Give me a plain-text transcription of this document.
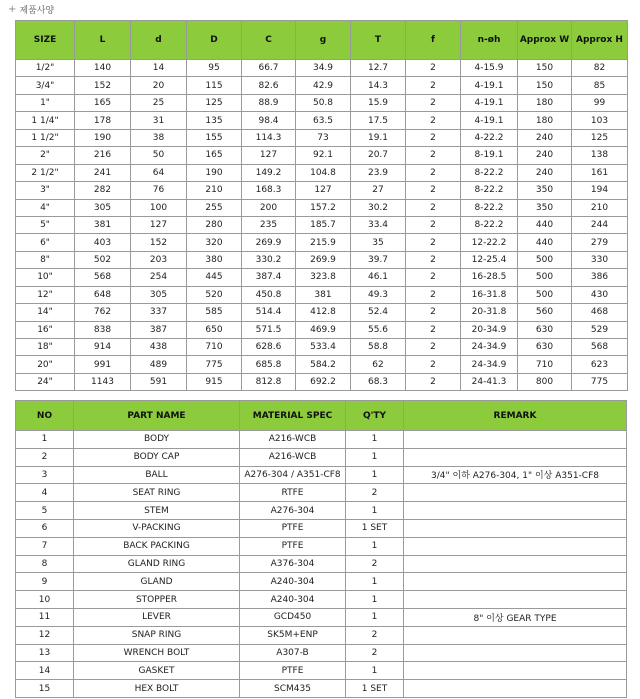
+ 제품사양
SIZE	L	d	D	C	g	T	f	n-øh	Approx W	Approx H
1/2"	140	14	95	66.7	34.9	12.7	2	4-15.9	150	82
3/4"	152	20	115	82.6	42.9	14.3	2	4-19.1	150	85
1"	165	25	125	88.9	50.8	15.9	2	4-19.1	180	99
1 1/4"	178	31	135	98.4	63.5	17.5	2	4-19.1	180	103
1 1/2"	190	38	155	114.3	73	19.1	2	4-22.2	240	125
2"	216	50	165	127	92.1	20.7	2	8-19.1	240	138
2 1/2"	241	64	190	149.2	104.8	23.9	2	8-22.2	240	161
3"	282	76	210	168.3	127	27	2	8-22.2	350	194
4"	305	100	255	200	157.2	30.2	2	8-22.2	350	210
5"	381	127	280	235	185.7	33.4	2	8-22.2	440	244
6"	403	152	320	269.9	215.9	35	2	12-22.2	440	279
8"	502	203	380	330.2	269.9	39.7	2	12-25.4	500	330
10"	568	254	445	387.4	323.8	46.1	2	16-28.5	500	386
12"	648	305	520	450.8	381	49.3	2	16-31.8	500	430
14"	762	337	585	514.4	412.8	52.4	2	20-31.8	560	468
16"	838	387	650	571.5	469.9	55.6	2	20-34.9	630	529
18"	914	438	710	628.6	533.4	58.8	2	24-34.9	630	568
20"	991	489	775	685.8	584.2	62	2	24-34.9	710	623
24"	1143	591	915	812.8	692.2	68.3	2	24-41.3	800	775
NO	PART NAME	MATERIAL SPEC	Q'TY	REMARK
1	BODY	A216-WCB	1	
2	BODY CAP	A216-WCB	1	
3	BALL	A276-304 / A351-CF8	1	3/4" 이하 A276-304, 1" 이상 A351-CF8
4	SEAT RING	RTFE	2	
5	STEM	A276-304	1	
6	V-PACKING	PTFE	1 SET	
7	BACK PACKING	PTFE	1	
8	GLAND RING	A376-304	2	
9	GLAND	A240-304	1	
10	STOPPER	A240-304	1	
11	LEVER	GCD450	1	8" 이상 GEAR TYPE
12	SNAP RING	SK5M+ENP	2	
13	WRENCH BOLT	A307-B	2	
14	GASKET	PTFE	1	
15	HEX BOLT	SCM435	1 SET	
